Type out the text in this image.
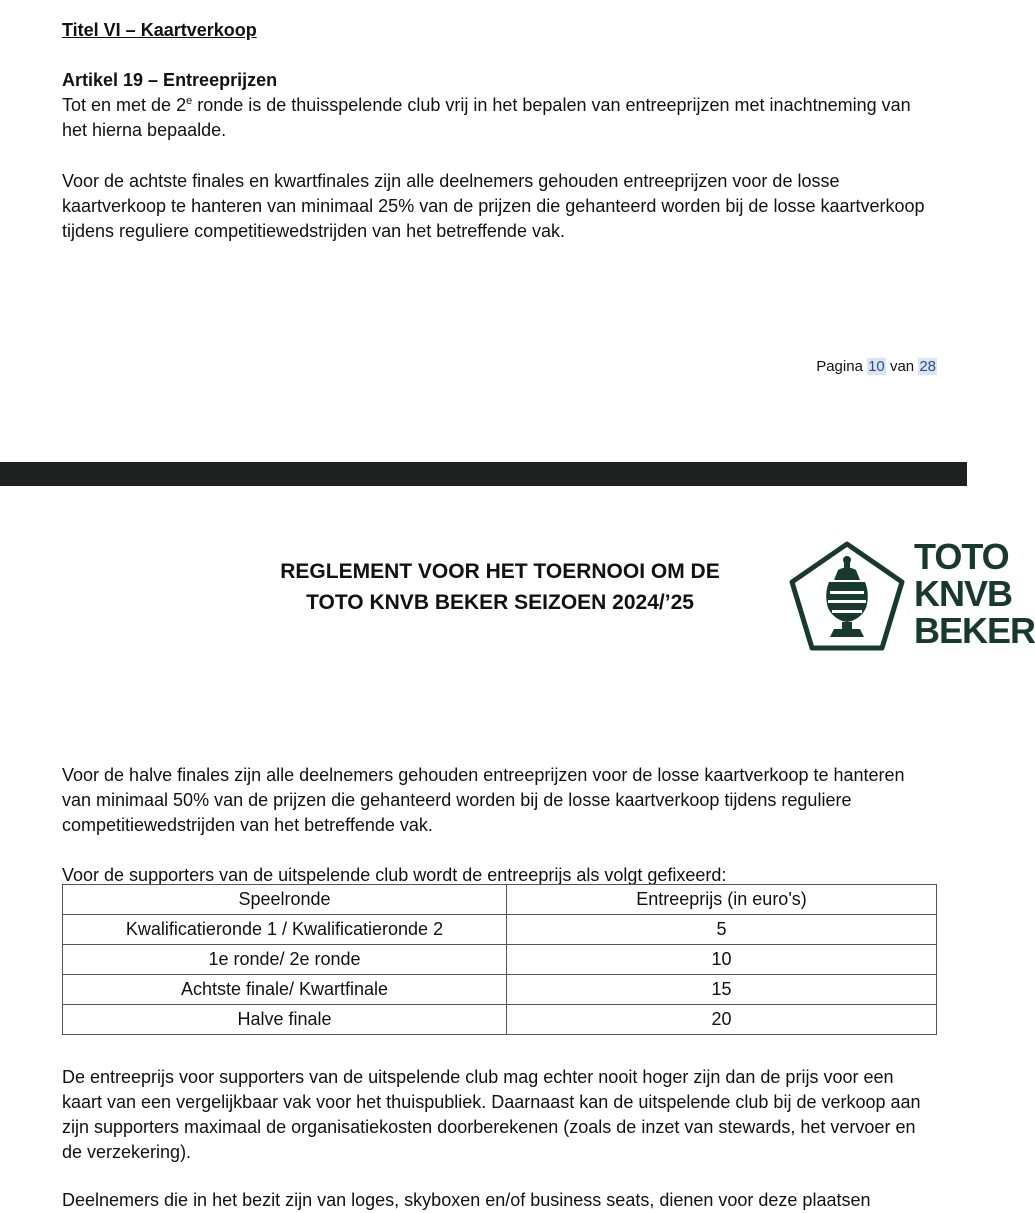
Titel VI – Kaartverkoop

Artikel 19 – Entreeprijzen

Tot en met de 2e ronde is de thuisspelende club vrij in het bepalen van entreeprijzen met inachtneming van het hierna bepaalde.

Voor de achtste finales en kwartfinales zijn alle deelnemers gehouden entreeprijzen voor de losse kaartverkoop te hanteren van minimaal 25% van de prijzen die gehanteerd worden bij de losse kaartverkoop tijdens reguliere competitiewedstrijden van het betreffende vak.

Pagina 10 van 28
REGLEMENT VOOR HET TOERNOOI OM DE
TOTO KNVB BEKER SEIZOEN 2024/’25
TOTO
KNVB
BEKER

Voor de halve finales zijn alle deelnemers gehouden entreeprijzen voor de losse kaartverkoop te hanteren van minimaal 50% van de prijzen die gehanteerd worden bij de losse kaartverkoop tijdens reguliere competitiewedstrijden van het betreffende vak.

Voor de supporters van de uitspelende club wordt de entreeprijs als volgt gefixeerd:

Speelronde	Entreeprijs (in euro's)
Kwalificatieronde 1 / Kwalificatieronde 2	5
1e ronde/ 2e ronde	10
Achtste finale/ Kwartfinale	15
Halve finale	20

De entreeprijs voor supporters van de uitspelende club mag echter nooit hoger zijn dan de prijs voor een kaart van een vergelijkbaar vak voor het thuispubliek. Daarnaast kan de uitspelende club bij de verkoop aan zijn supporters maximaal de organisatiekosten doorberekenen (zoals de inzet van stewards, het vervoer en de verzekering).

Deelnemers die in het bezit zijn van loges, skyboxen en/of business seats, dienen voor deze plaatsen
